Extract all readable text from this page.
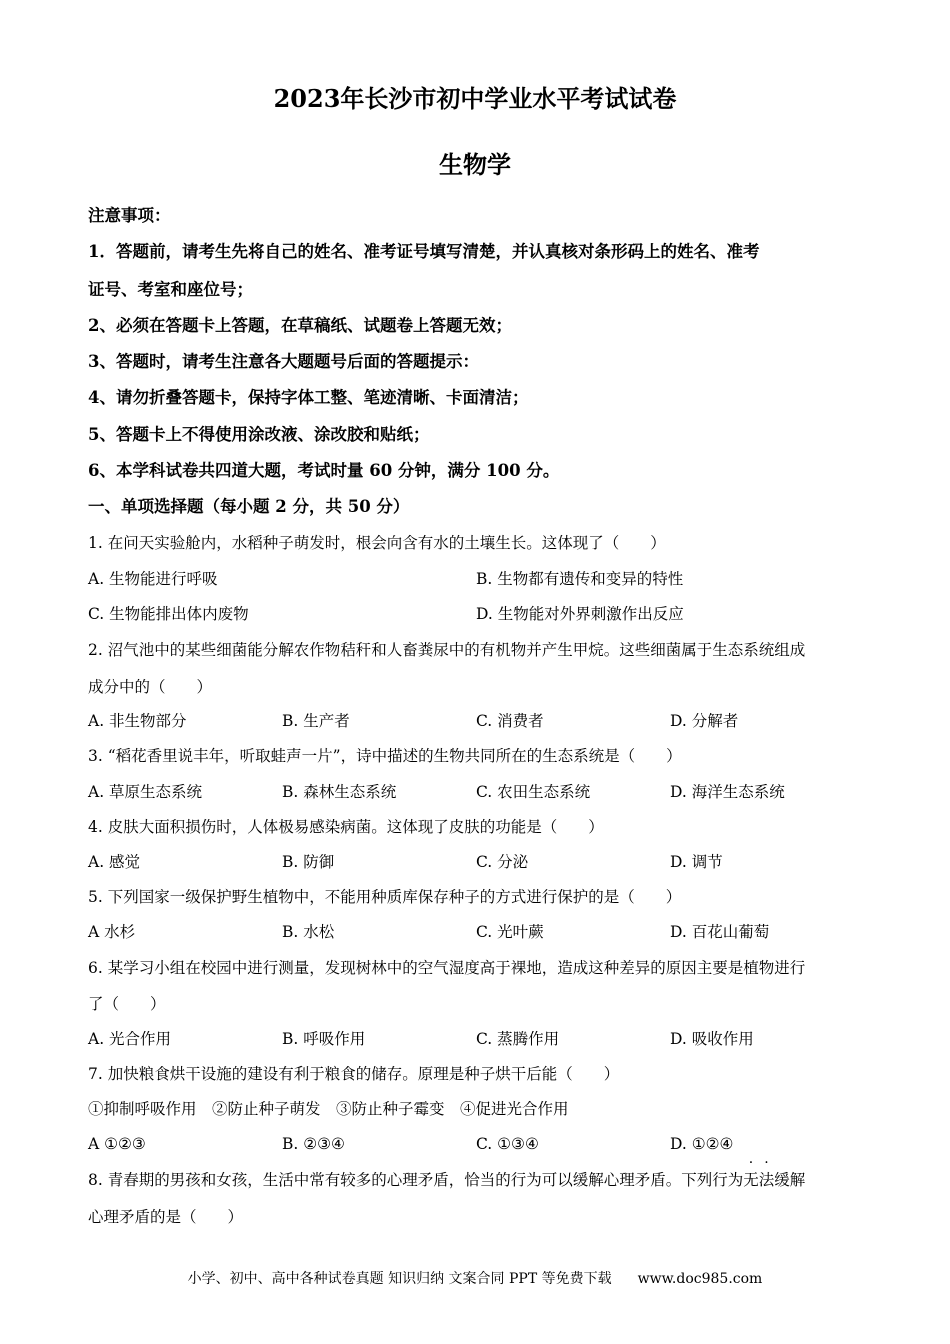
2023年长沙市初中学业水平考试试卷
生物学
注意事项：
1．答题前，请考生先将自己的姓名、准考证号填写清楚，并认真核对条形码上的姓名、准考
证号、考室和座位号；
2、必须在答题卡上答题，在草稿纸、试题卷上答题无效；
3、答题时，请考生注意各大题题号后面的答题提示：
4、请勿折叠答题卡，保持字体工整、笔迹清晰、卡面清洁；
5、答题卡上不得使用涂改液、涂改胶和贴纸；
6、本学科试卷共四道大题，考试时量 60 分钟，满分 100 分。
一、单项选择题（每小题 2 分，共 50 分）
1. 在问天实验舱内，水稻种子萌发时，根会向含有水的土壤生长。这体现了（　　）
A. 生物能进行呼吸	B. 生物都有遗传和变异的特性
C. 生物能排出体内废物	D. 生物能对外界刺激作出反应
2. 沼气池中的某些细菌能分解农作物秸秆和人畜粪尿中的有机物并产生甲烷。这些细菌属于生态系统组成
成分中的（　　）
A. 非生物部分	B. 生产者	C. 消费者	D. 分解者
3. “稻花香里说丰年，听取蛙声一片”，诗中描述的生物共同所在的生态系统是（　　）
A. 草原生态系统	B. 森林生态系统	C. 农田生态系统	D. 海洋生态系统
4. 皮肤大面积损伤时，人体极易感染病菌。这体现了皮肤的功能是（　　）
A. 感觉	B. 防御	C. 分泌	D. 调节
5. 下列国家一级保护野生植物中，不能用种质库保存种子的方式进行保护的是（　　）
A 水杉	B. 水松	C. 光叶蕨	D. 百花山葡萄
6. 某学习小组在校园中进行测量，发现树林中的空气湿度高于裸地，造成这种差异的原因主要是植物进行
了（　　）
A. 光合作用	B. 呼吸作用	C. 蒸腾作用	D. 吸收作用
7. 加快粮食烘干设施的建设有利于粮食的储存。原理是种子烘干后能（　　）
①抑制呼吸作用　②防止种子萌发　③防止种子霉变　④促进光合作用
A ①②③	B. ②③④	C. ①③④	D. ①②④
8. 青春期的男孩和女孩，生活中常有较多的心理矛盾，恰当的行为可以缓解心理矛盾。下列行为无法缓解
心理矛盾的是（　　）
小学、初中、高中各种试卷真题 知识归纳 文案合同 PPT 等免费下载 www.doc985.com
